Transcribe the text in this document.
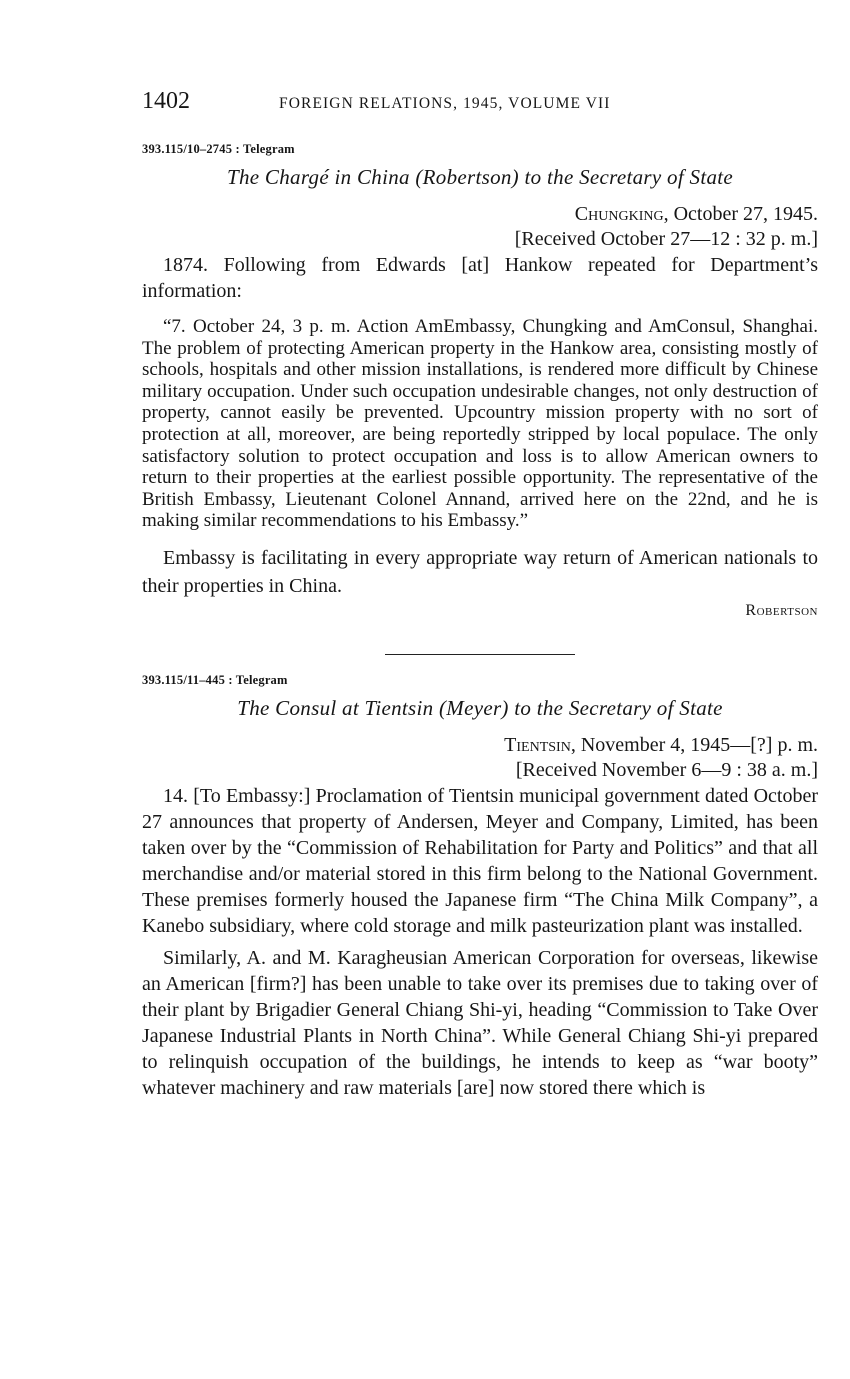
1402	FOREIGN RELATIONS, 1945, VOLUME VII
393.115/10–2745 : Telegram
The Chargé in China (Robertson) to the Secretary of State
Chungking, October 27, 1945.
[Received October 27—12 : 32 p. m.]

1874. Following from Edwards [at] Hankow repeated for Department’s information:

“7. October 24, 3 p. m. Action AmEmbassy, Chungking and AmConsul, Shanghai. The problem of protecting American property in the Hankow area, consisting mostly of schools, hospitals and other mission installations, is rendered more difficult by Chinese military occupation. Under such occupation undesirable changes, not only destruction of property, cannot easily be prevented. Upcountry mission property with no sort of protection at all, moreover, are being reportedly stripped by local populace. The only satisfactory solution to protect occupation and loss is to allow American owners to return to their properties at the earliest possible opportunity. The representative of the British Embassy, Lieutenant Colonel Annand, arrived here on the 22nd, and he is making similar recommendations to his Embassy.”

Embassy is facilitating in every appropriate way return of American nationals to their properties in China.

Robertson
393.115/11–445 : Telegram
The Consul at Tientsin (Meyer) to the Secretary of State
Tientsin, November 4, 1945—[?] p. m.
[Received November 6—9 : 38 a. m.]

14. [To Embassy:] Proclamation of Tientsin municipal government dated October 27 announces that property of Andersen, Meyer and Company, Limited, has been taken over by the “Commission of Rehabilitation for Party and Politics” and that all merchandise and/or material stored in this firm belong to the National Government. These premises formerly housed the Japanese firm “The China Milk Company”, a Kanebo subsidiary, where cold storage and milk pasteurization plant was installed.

Similarly, A. and M. Karagheusian American Corporation for overseas, likewise an American [firm?] has been unable to take over its premises due to taking over of their plant by Brigadier General Chiang Shi-yi, heading “Commission to Take Over Japanese Industrial Plants in North China”. While General Chiang Shi-yi prepared to relinquish occupation of the buildings, he intends to keep as “war booty” whatever machinery and raw materials [are] now stored there which is
